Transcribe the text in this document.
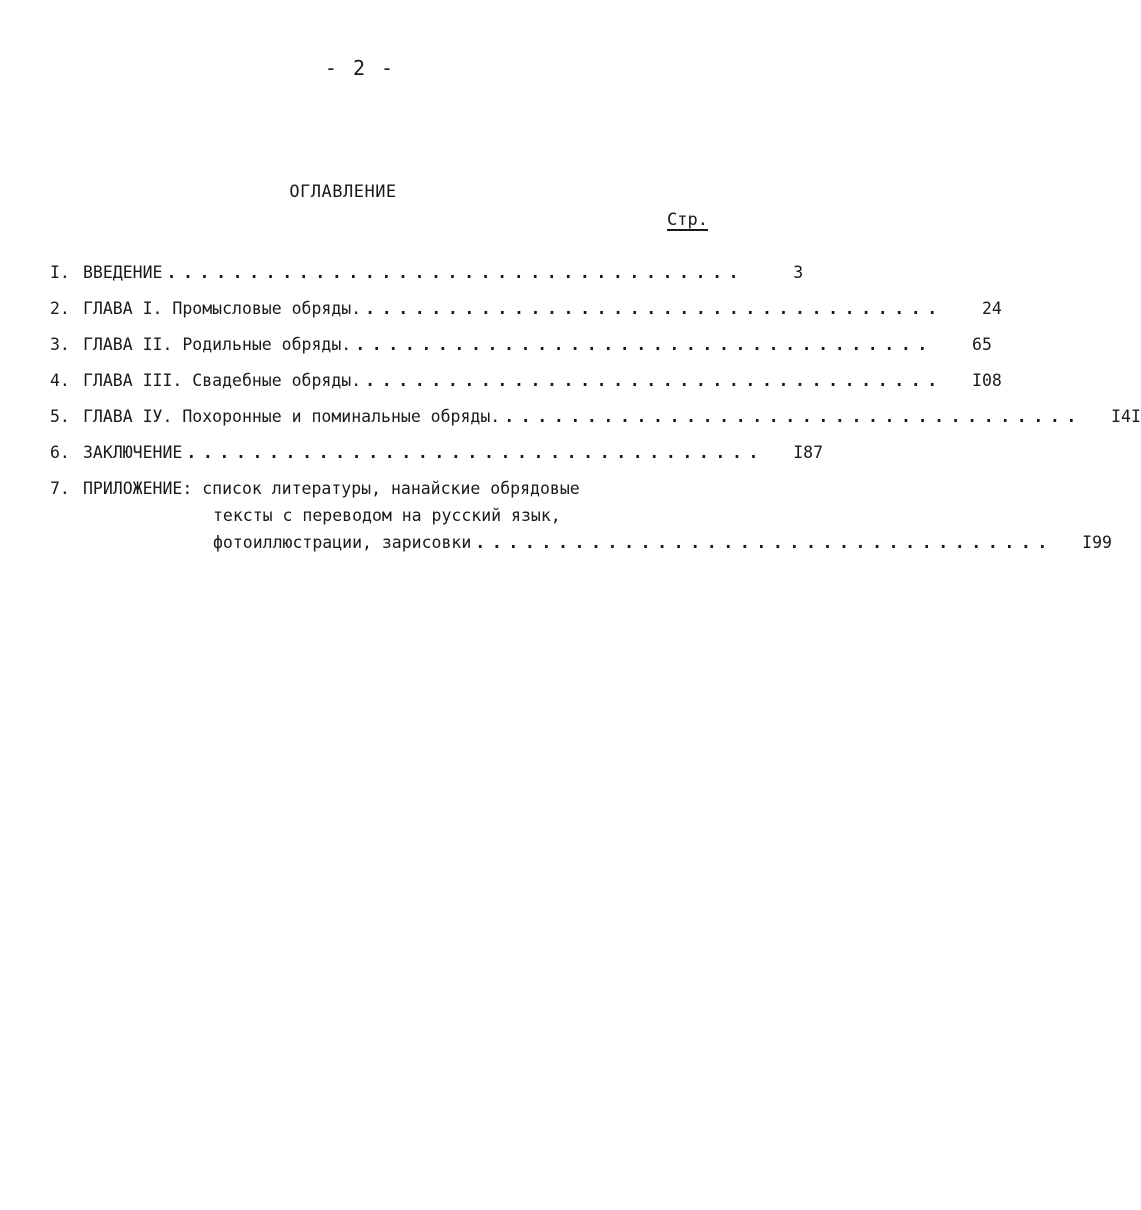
- 2 -
ОГЛАВЛЕНИЕ
Стр.
I. ВВЕДЕНИЕ ...................................	3
2. ГЛАВА I. Промысловые обряды. ...................................	24
3. ГЛАВА II. Родильные обряды. ...................................	65
4. ГЛАВА III. Свадебные обряды. ...................................	I08
5. ГЛАВА IУ. Похоронные и поминальные обряды. ...................................	I4I
6. ЗАКЛЮЧЕНИЕ ...................................	I87
7. ПРИЛОЖЕНИЕ: список литературы, нанайские обрядовые
тексты с переводом на русский язык,
фотоиллюстрации, зарисовки ...................................	I99
